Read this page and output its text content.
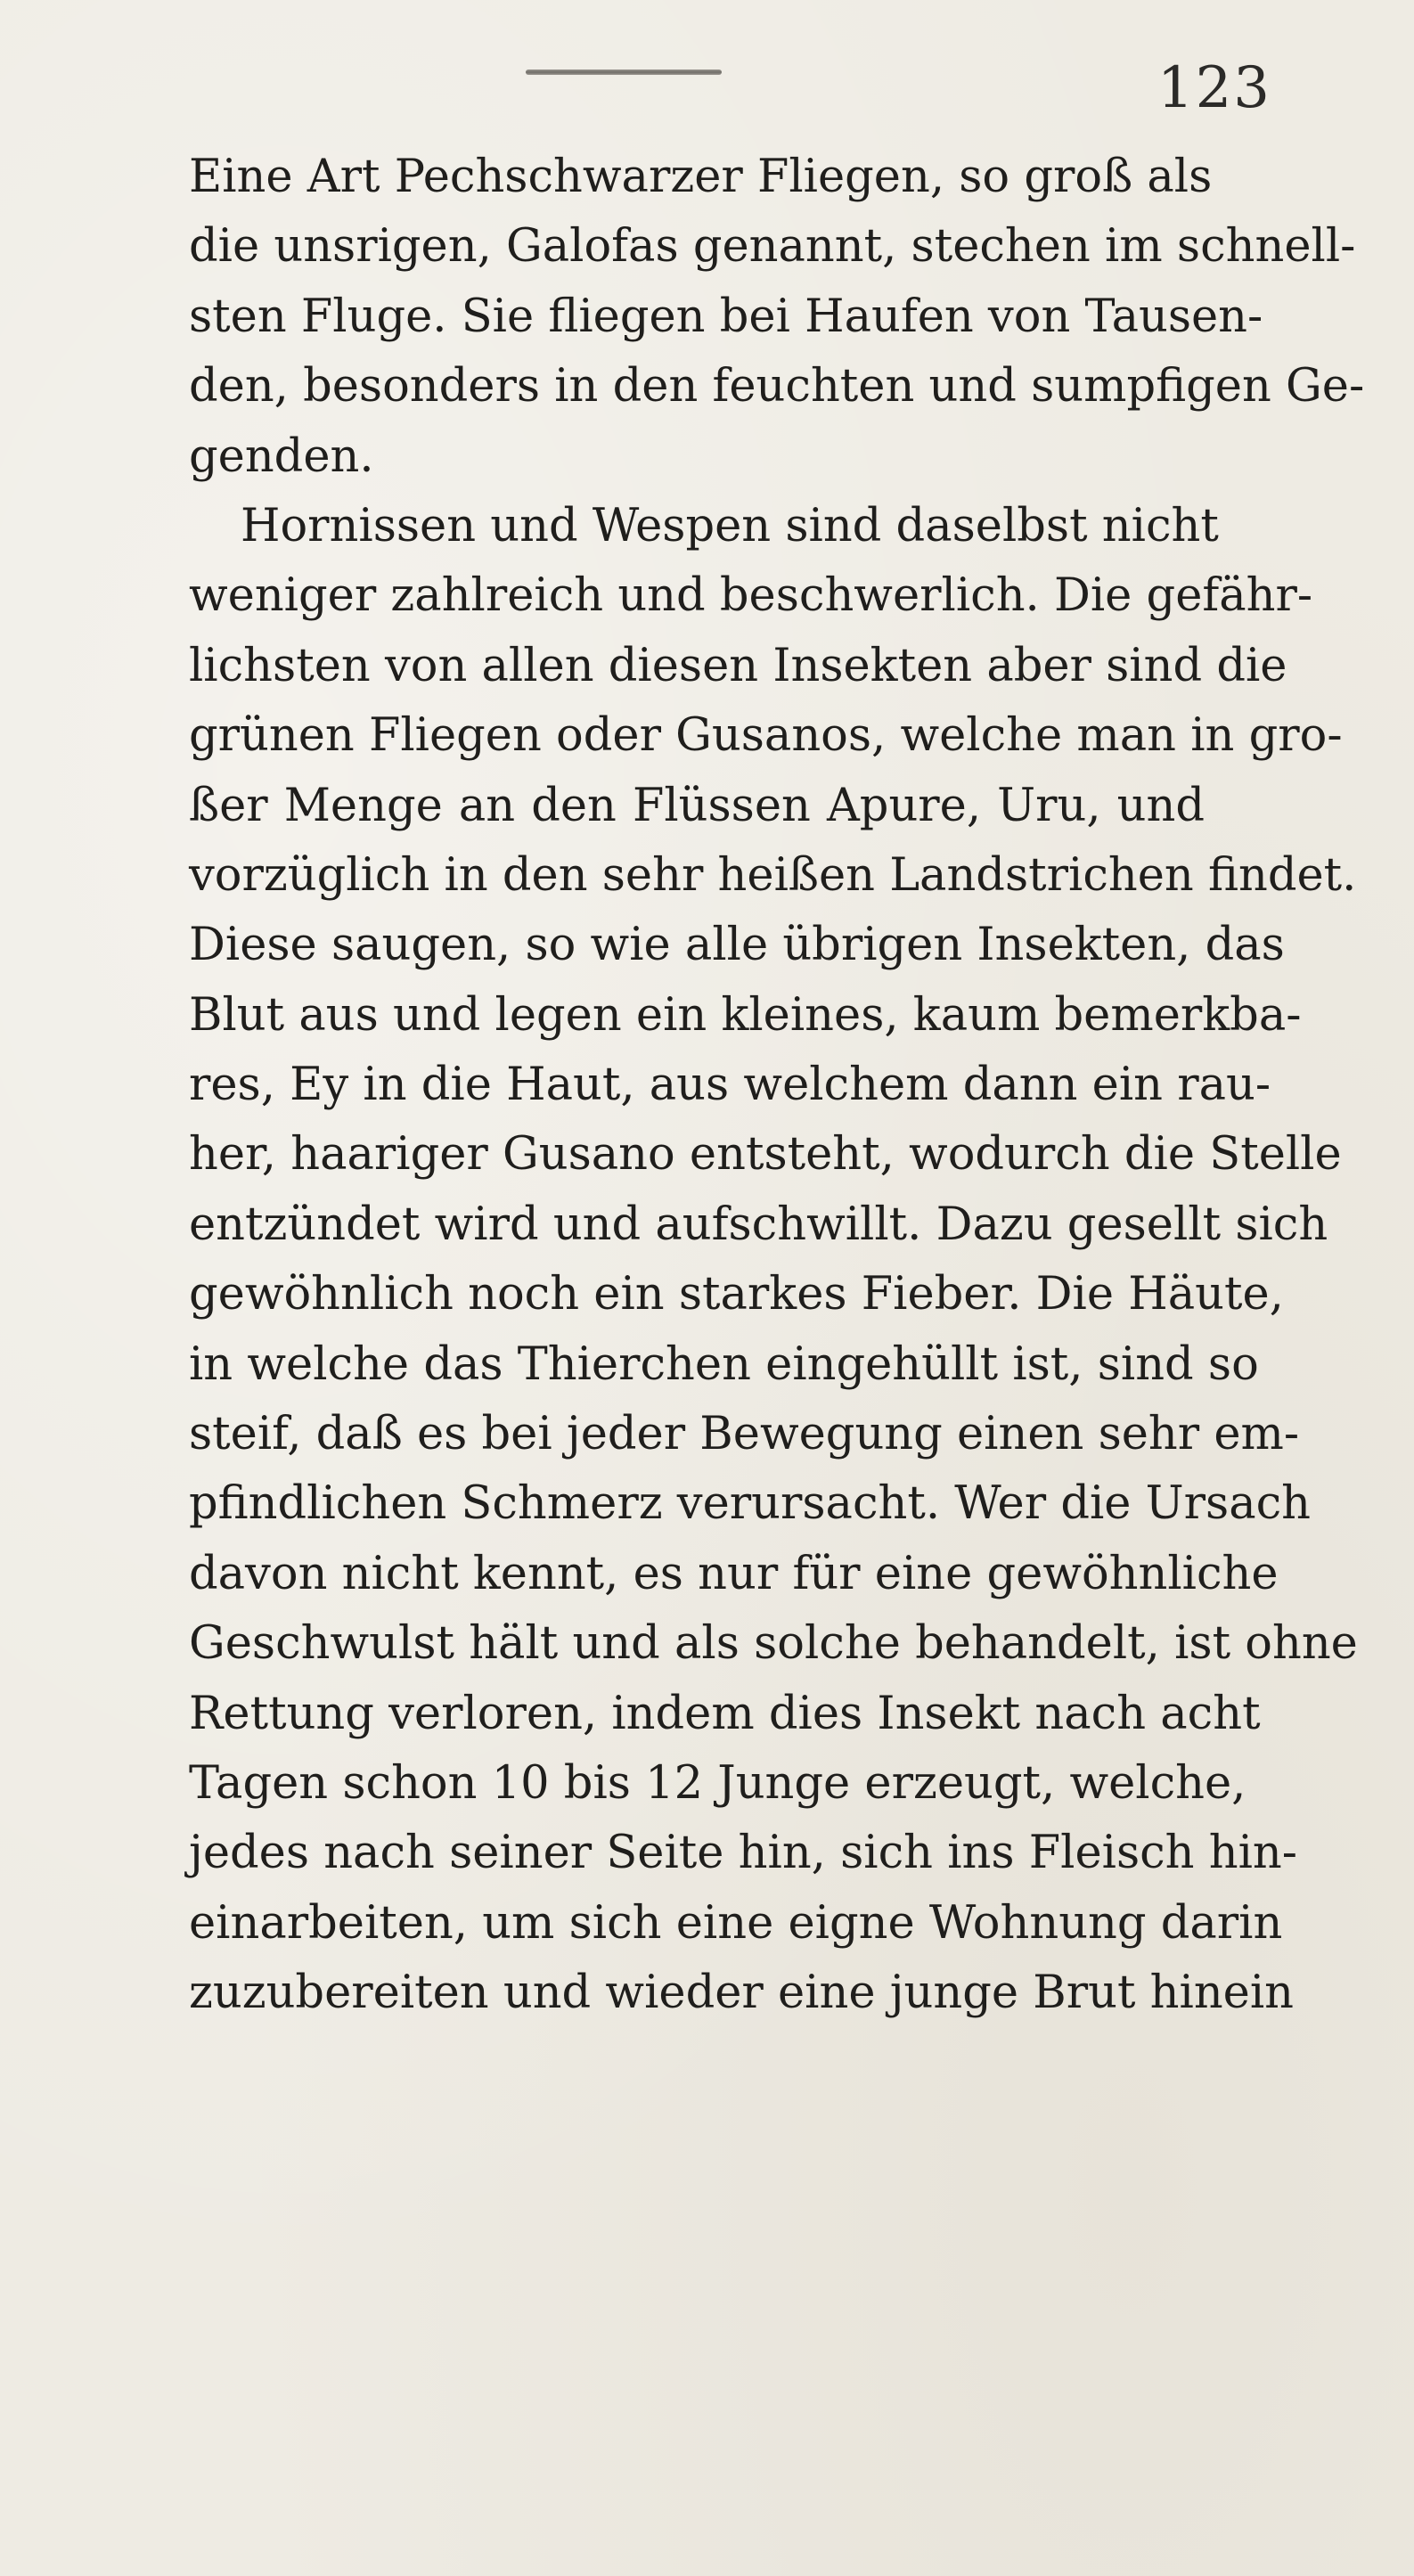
123
Eine Art Pechschwarzer Fliegen, so groß als
die unsrigen, Galofas genannt, stechen im schnell-
sten Fluge. Sie fliegen bei Haufen von Tausen-
den, besonders in den feuchten und sumpfigen Ge-
genden.
Hornissen und Wespen sind daselbst nicht
weniger zahlreich und beschwerlich. Die gefähr-
lichsten von allen diesen Insekten aber sind die
grünen Fliegen oder Gusanos, welche man in gro-
ßer Menge an den Flüssen Apure, Uru, und
vorzüglich in den sehr heißen Landstrichen findet.
Diese saugen, so wie alle übrigen Insekten, das
Blut aus und legen ein kleines, kaum bemerkba-
res, Ey in die Haut, aus welchem dann ein rau-
her, haariger Gusano entsteht, wodurch die Stelle
entzündet wird und aufschwillt. Dazu gesellt sich
gewöhnlich noch ein starkes Fieber. Die Häute,
in welche das Thierchen eingehüllt ist, sind so
steif, daß es bei jeder Bewegung einen sehr em-
pfindlichen Schmerz verursacht. Wer die Ursach
davon nicht kennt, es nur für eine gewöhnliche
Geschwulst hält und als solche behandelt, ist ohne
Rettung verloren, indem dies Insekt nach acht
Tagen schon 10 bis 12 Junge erzeugt, welche,
jedes nach seiner Seite hin, sich ins Fleisch hin-
einarbeiten, um sich eine eigne Wohnung darin
zuzubereiten und wieder eine junge Brut hinein
